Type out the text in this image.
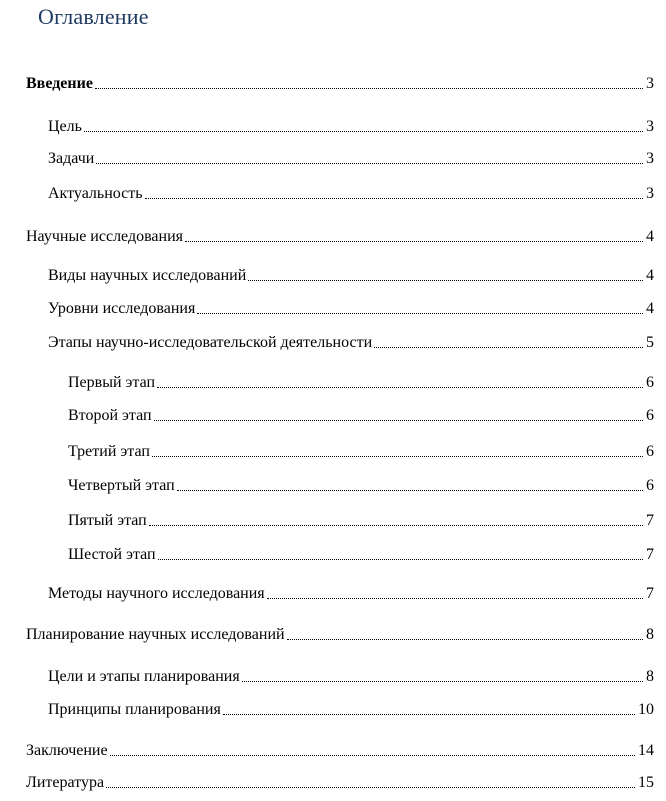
Оглавление
Введение	3
Цель	3
Задачи	3
Актуальность	3
Научные исследования	4
Виды научных исследований	4
Уровни исследования	4
Этапы научно-исследовательской деятельности	5
Первый этап	6
Второй этап	6
Третий этап	6
Четвертый этап	6
Пятый этап	7
Шестой этап	7
Методы научного исследования	7
Планирование научных исследований	8
Цели и этапы планирования	8
Принципы планирования	10
Заключение	14
Литература	15
